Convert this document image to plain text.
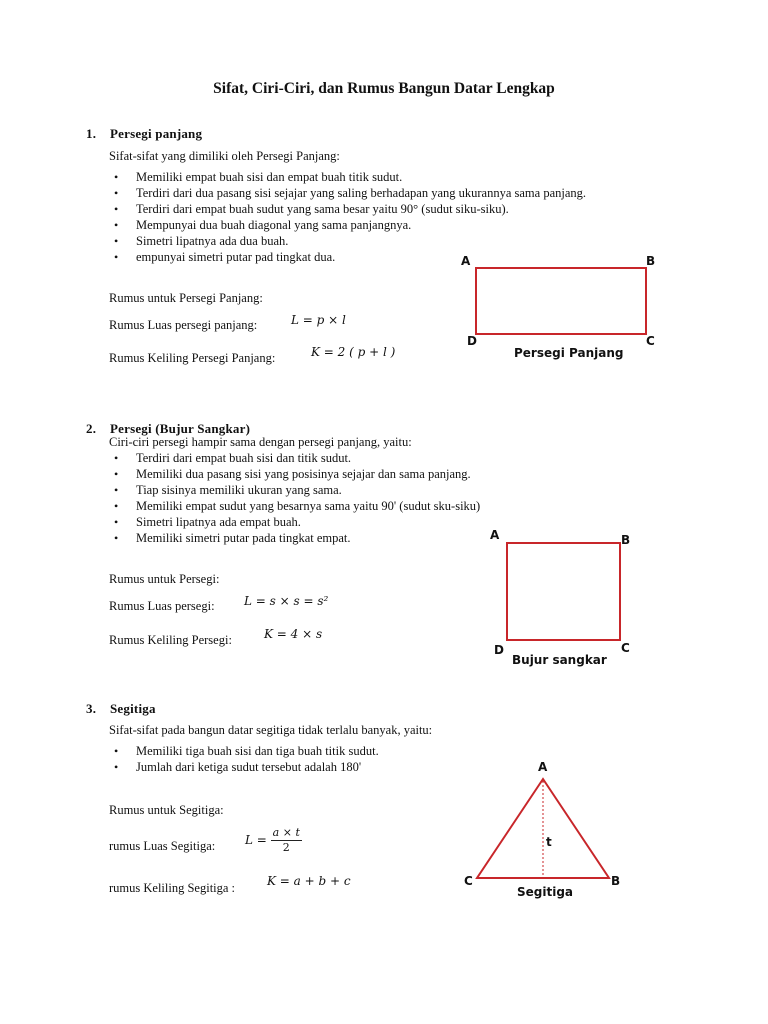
Sifat, Ciri-Ciri, dan Rumus Bangun Datar Lengkap
1. Persegi panjang
Sifat-sifat yang dimiliki oleh Persegi Panjang:
• Memiliki empat buah sisi dan empat buah titik sudut.
• Terdiri dari dua pasang sisi sejajar yang saling berhadapan yang ukurannya sama panjang.
• Terdiri dari empat buah sudut yang sama besar yaitu 90° (sudut siku-siku).
• Mempunyai dua buah diagonal yang sama panjangnya.
• Simetri lipatnya ada dua buah.
• empunyai simetri putar pad tingkat dua.
Rumus untuk Persegi Panjang:
Rumus Luas persegi panjang:	L = p × l
Rumus Keliling Persegi Panjang:	K = 2 ( p + l )
A	B
C
D
Persegi Panjang
2. Persegi (Bujur Sangkar)
Ciri-ciri persegi hampir sama dengan persegi panjang, yaitu:
• Terdiri dari empat buah sisi dan titik sudut.
• Memiliki dua pasang sisi yang posisinya sejajar dan sama panjang.
• Tiap sisinya memiliki ukuran yang sama.
• Memiliki empat sudut yang besarnya sama yaitu 90' (sudut sku-siku)
• Simetri lipatnya ada empat buah.
• Memiliki simetri putar pada tingkat empat.
Rumus untuk Persegi:
Rumus Luas persegi: L = s × s = s²
Rumus Keliling Persegi:	K = 4 × s
A	B
C
D
Bujur sangkar
3. Segitiga
Sifat-sifat pada bangun datar segitiga tidak terlalu banyak, yaitu:
• Memiliki tiga buah sisi dan tiga buah titik sudut.
• Jumlah dari ketiga sudut tersebut adalah 180'
Rumus untuk Segitiga:
rumus Luas Segitiga: $L = \frac{a \times t}{2}$
rumus Keliling Segitiga :	K = a + b + c
A
B
C
t
Segitiga
